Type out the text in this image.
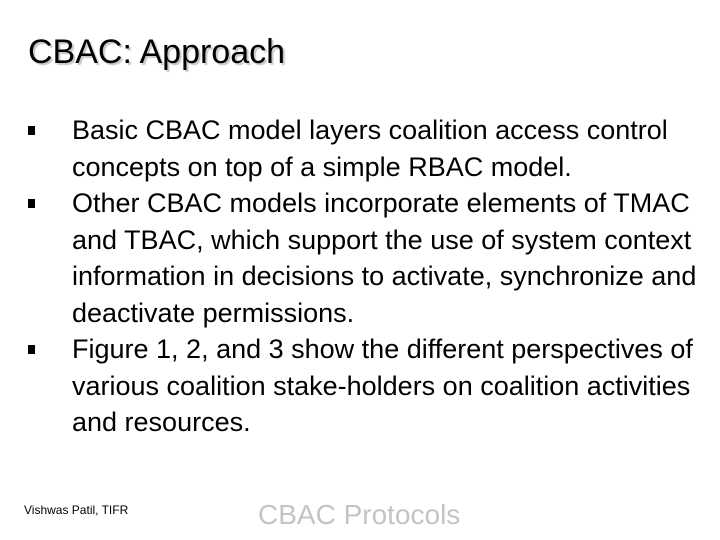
CBAC: Approach
Basic CBAC model layers coalition access control concepts on top of a simple RBAC model.
Other CBAC models incorporate elements of TMAC and TBAC, which support the use of system context information in decisions to activate, synchronize and deactivate permissions.
Figure 1, 2, and 3 show the different perspectives of various coalition stake-holders on coalition activities and resources.
CBAC Protocols
Vishwas Patil, TIFR
